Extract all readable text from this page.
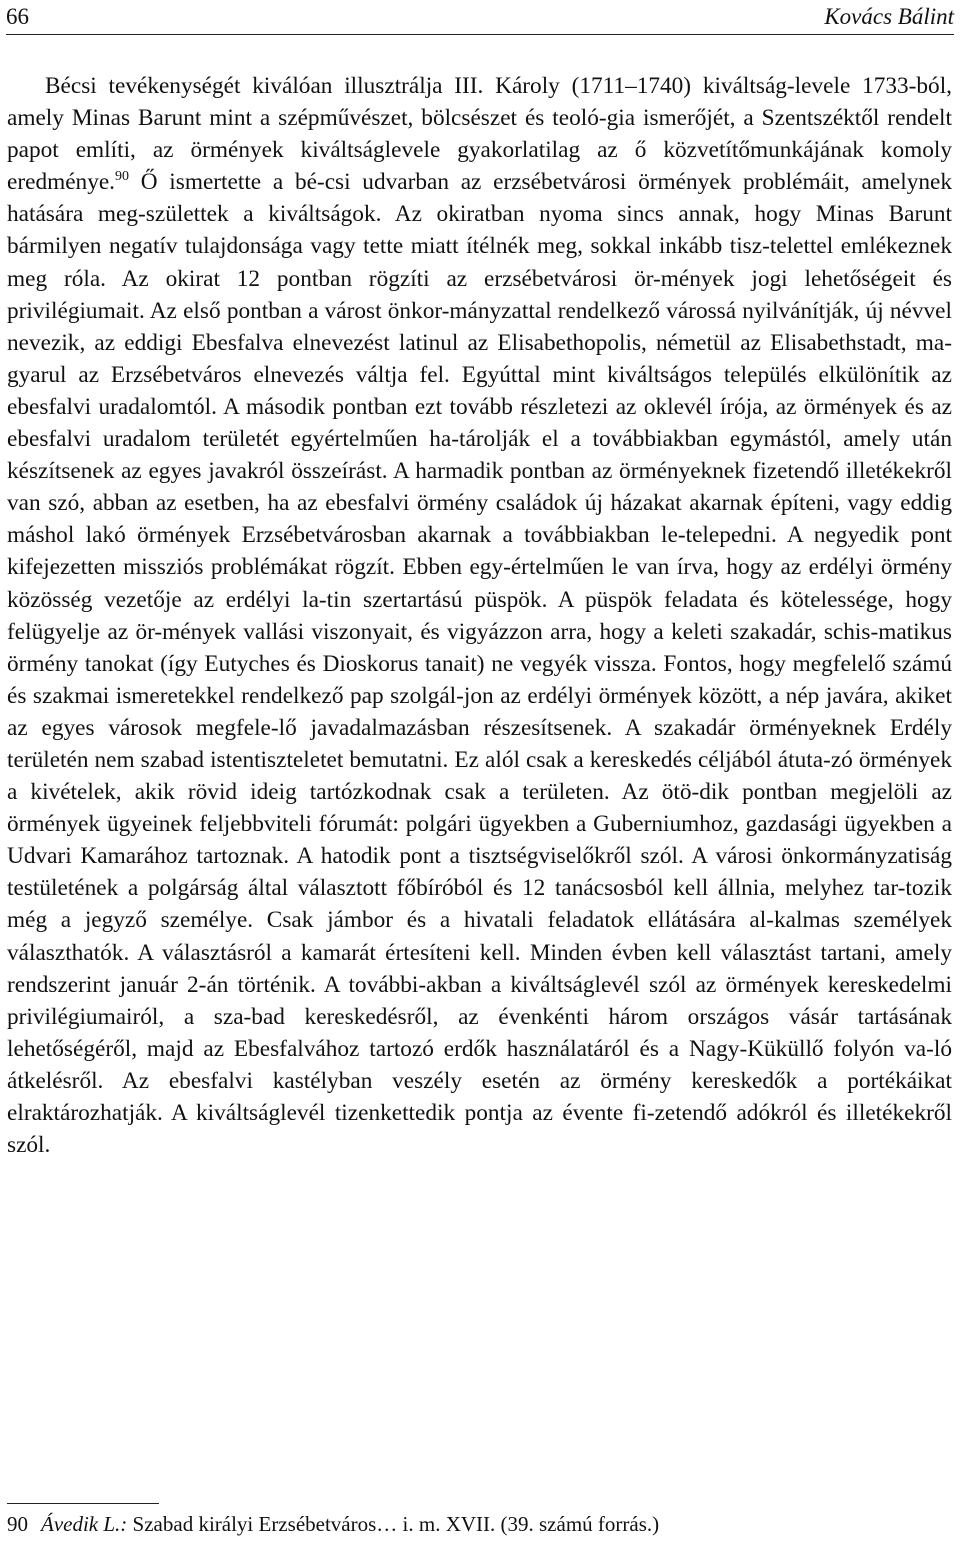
66	Kovács Bálint

Bécsi tevékenységét kiválóan illusztrálja III. Károly (1711–1740) kiváltság-levele 1733-ból, amely Minas Barunt mint a szépművészet, bölcsészet és teoló-gia ismerőjét, a Szentszéktől rendelt papot említi, az örmények kiváltságlevele gyakorlatilag az ő közvetítőmunkájának komoly eredménye.$^{90}$ Ő ismertette a bé-csi udvarban az erzsébetvárosi örmények problémáit, amelynek hatására meg-születtek a kiváltságok. Az okiratban nyoma sincs annak, hogy Minas Barunt bármilyen negatív tulajdonsága vagy tette miatt ítélnék meg, sokkal inkább tisz-telettel emlékeznek meg róla. Az okirat 12 pontban rögzíti az erzsébetvárosi ör-mények jogi lehetőségeit és privilégiumait. Az első pontban a várost önkor-mányzattal rendelkező várossá nyilvánítják, új névvel nevezik, az eddigi Ebesfalva elnevezést latinul az Elisabethopolis, németül az Elisabethstadt, ma-gyarul az Erzsébetváros elnevezés váltja fel. Egyúttal mint kiváltságos település elkülönítik az ebesfalvi uradalomtól. A második pontban ezt tovább részletezi az oklevél írója, az örmények és az ebesfalvi uradalom területét egyértelműen ha-tárolják el a továbbiakban egymástól, amely után készítsenek az egyes javakról összeírást. A harmadik pontban az örményeknek fizetendő illetékekről van szó, abban az esetben, ha az ebesfalvi örmény családok új házakat akarnak építeni, vagy eddig máshol lakó örmények Erzsébetvárosban akarnak a továbbiakban le-telepedni. A negyedik pont kifejezetten missziós problémákat rögzít. Ebben egy-értelműen le van írva, hogy az erdélyi örmény közösség vezetője az erdélyi la-tin szertartású püspök. A püspök feladata és kötelessége, hogy felügyelje az ör-mények vallási viszonyait, és vigyázzon arra, hogy a keleti szakadár, schis-matikus örmény tanokat (így Eutyches és Dioskorus tanait) ne vegyék vissza. Fontos, hogy megfelelő számú és szakmai ismeretekkel rendelkező pap szolgál-jon az erdélyi örmények között, a nép javára, akiket az egyes városok megfele-lő javadalmazásban részesítsenek. A szakadár örményeknek Erdély területén nem szabad istentiszteletet bemutatni. Ez alól csak a kereskedés céljából átuta-zó örmények a kivételek, akik rövid ideig tartózkodnak csak a területen. Az ötö-dik pontban megjelöli az örmények ügyeinek feljebbviteli fórumát: polgári ügyekben a Guberniumhoz, gazdasági ügyekben a Udvari Kamarához tartoznak. A hatodik pont a tisztségviselőkről szól. A városi önkormányzatiság testületének a polgárság által választott főbíróból és 12 tanácsosból kell állnia, melyhez tar-tozik még a jegyző személye. Csak jámbor és a hivatali feladatok ellátására al-kalmas személyek választhatók. A választásról a kamarát értesíteni kell. Minden évben kell választást tartani, amely rendszerint január 2-án történik. A további-akban a kiváltságlevél szól az örmények kereskedelmi privilégiumairól, a sza-bad kereskedésről, az évenkénti három országos vásár tartásának lehetőségéről, majd az Ebesfalvához tartozó erdők használatáról és a Nagy-Küküllő folyón va-ló átkelésről. Az ebesfalvi kastélyban veszély esetén az örmény kereskedők a portékáikat elraktározhatják. A kiváltságlevél tizenkettedik pontja az évente fi-zetendő adókról és illetékekről szól.

90 Ávedik L.: Szabad királyi Erzsébetváros… i. m. XVII. (39. számú forrás.)
